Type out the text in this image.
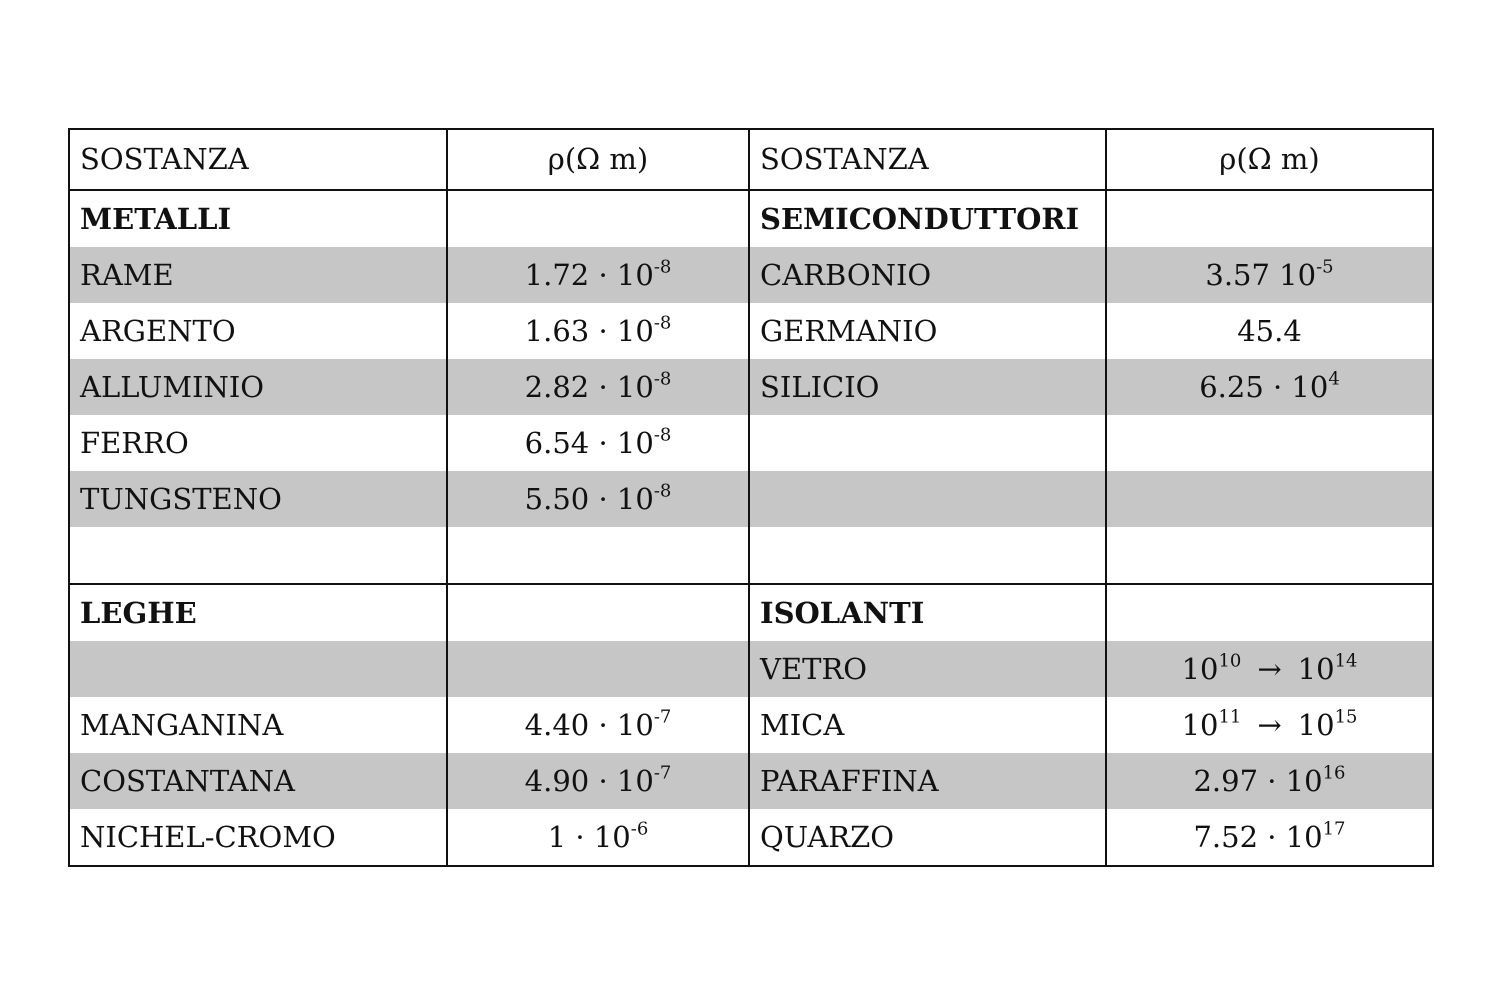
SOSTANZA	ρ(Ω m)	SOSTANZA	ρ(Ω m)
METALLI		SEMICONDUTTORI	
RAME	$1.72 \cdot 10^{-8}$	CARBONIO	3.57 $10^{-5}$
ARGENTO	$1.63 \cdot 10^{-8}$	GERMANIO	45.4
ALLUMINIO	$2.82 \cdot 10^{-8}$	SILICIO	$6.25 \cdot 10^4$
FERRO	$6.54 \cdot 10^{-8}$		
TUNGSTENO	$5.50 \cdot 10^{-8}$		

LEGHE		ISOLANTI	
		VETRO	$10^{10} \to 10^{14}$
MANGANINA	$4.40 \cdot 10^{-7}$	MICA	$10^{11} \to 10^{15}$
COSTANTANA	$4.90 \cdot 10^{-7}$	PARAFFINA	$2.97 \cdot 10^{16}$
NICHEL-CROMO	$1 \cdot 10^{-6}$	QUARZO	$7.52 \cdot 10^{17}$
